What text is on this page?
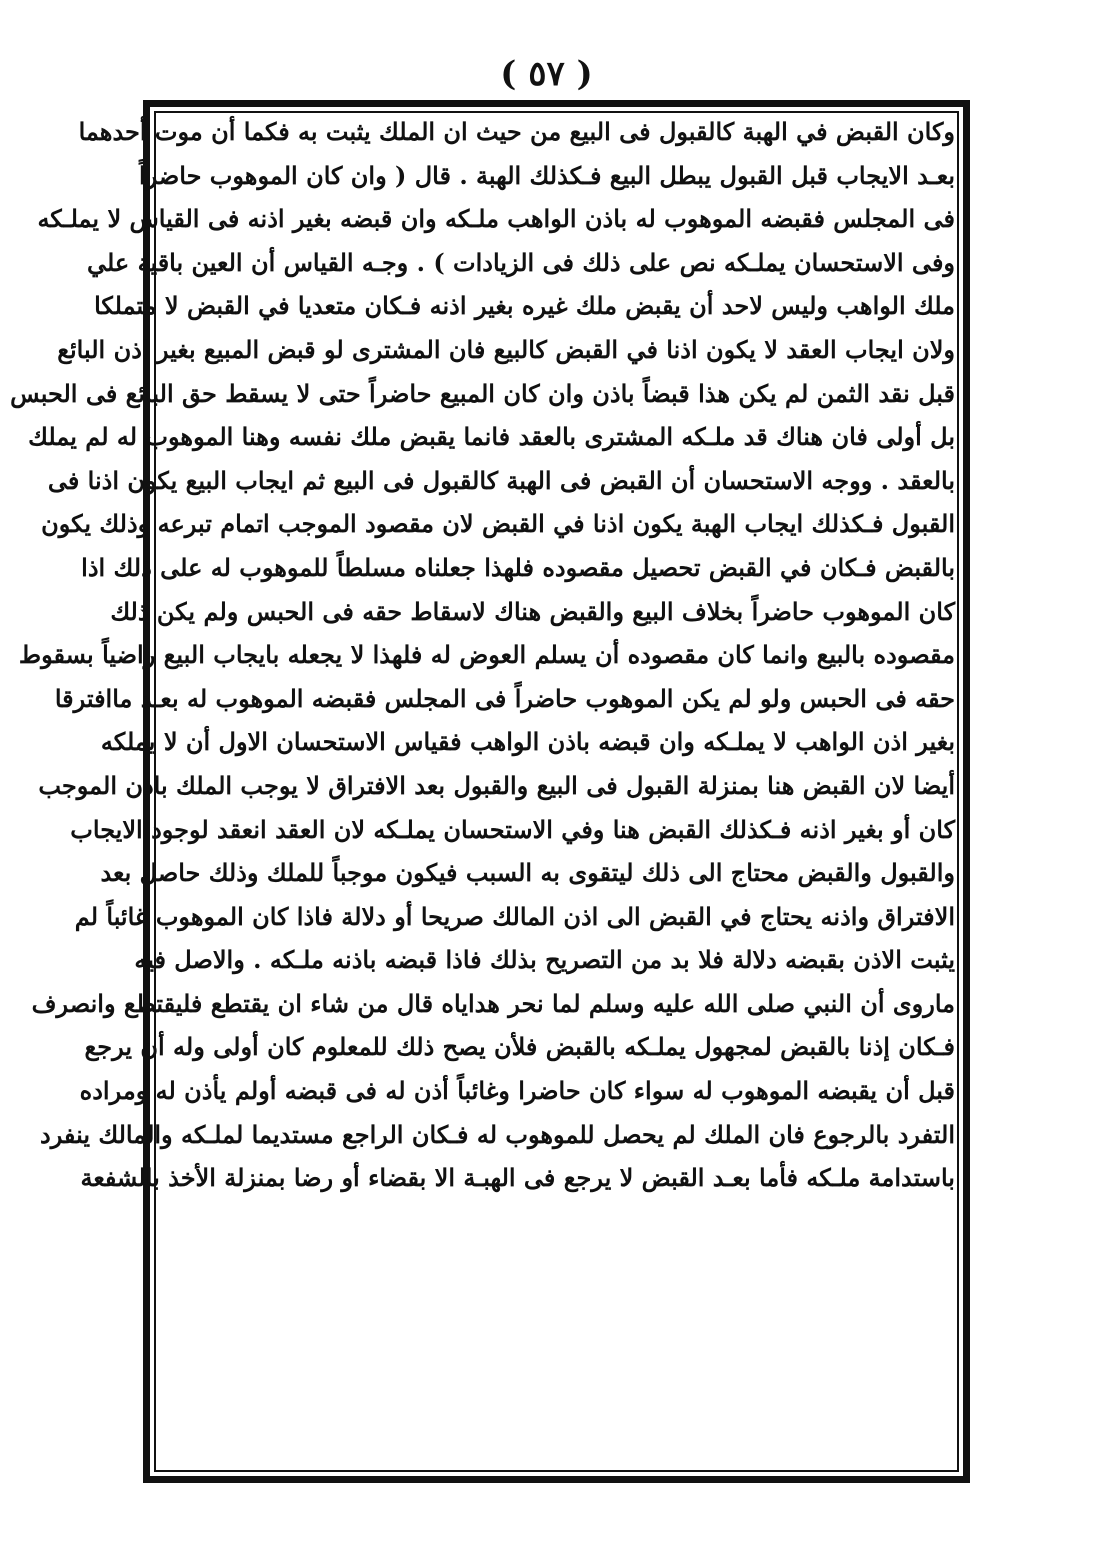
( ٥٧ )
وكان القبض في الهبة كالقبول فى البيع من حيث ان الملك يثبت به فكما أن موت أحدهما
بعـد الايجاب قبل القبول يبطل البيع فـكذلك الهبة . قال ( وان كان الموهوب حاضراً
فى المجلس فقبضه الموهوب له باذن الواهب ملـكه وان قبضه بغير اذنه فى القياس لا يملـكه
وفى الاستحسان يملـكه نص على ذلك فى الزيادات ) . وجـه القياس أن العين باقية علي
ملك الواهب وليس لاحد أن يقبض ملك غيره بغير اذنه فـكان متعديا في القبض لا متملكا
ولان ايجاب العقد لا يكون اذنا في القبض كالبيع فان المشترى لو قبض المبيع بغير اذن البائع
قبل نقد الثمن لم يكن هذا قبضاً باذن وان كان المبيع حاضراً حتى لا يسقط حق البائع فى الحبس
بل أولى فان هناك قد ملـكه المشترى بالعقد فانما يقبض ملك نفسه وهنا الموهوب له لم يملك
بالعقد . ووجه الاستحسان أن القبض فى الهبة كالقبول فى البيع ثم ايجاب البيع يكون اذنا فى
القبول فـكذلك ايجاب الهبة يكون اذنا في القبض لان مقصود الموجب اتمام تبرعه وذلك يكون
بالقبض فـكان في القبض تحصيل مقصوده فلهذا جعلناه مسلطاً للموهوب له على ذلك اذا
كان الموهوب حاضراً بخلاف البيع والقبض هناك لاسقاط حقه فى الحبس ولم يكن ذلك
مقصوده بالبيع وانما كان مقصوده أن يسلم العوض له فلهذا لا يجعله بايجاب البيع راضياً بسقوط
حقه فى الحبس ولو لم يكن الموهوب حاضراً فى المجلس فقبضه الموهوب له بعـد ماافترقا
بغير اذن الواهب لا يملـكه وان قبضه باذن الواهب فقياس الاستحسان الاول أن لا يملكه
أيضا لان القبض هنا بمنزلة القبول فى البيع والقبول بعد الافتراق لا يوجب الملك باذن الموجب
كان أو بغير اذنه فـكذلك القبض هنا وفي الاستحسان يملـكه لان العقد انعقد لوجود الايجاب
والقبول والقبض محتاج الى ذلك ليتقوى به السبب فيكون موجباً للملك وذلك حاصل بعد
الافتراق واذنه يحتاج في القبض الى اذن المالك صريحا أو دلالة فاذا كان الموهوب غائباً لم
يثبت الاذن بقبضه دلالة فلا بد من التصريح بذلك فاذا قبضه باذنه ملـكه . والاصل فيه
ماروى أن النبي صلى الله عليه وسلم لما نحر هداياه قال من شاء ان يقتطع فليقتطع وانصرف
فـكان إذنا بالقبض لمجهول يملـكه بالقبض فلأن يصح ذلك للمعلوم كان أولى وله أن يرجع
قبل أن يقبضه الموهوب له سواء كان حاضرا وغائباً أذن له فى قبضه أولم يأذن له ومراده
التفرد بالرجوع فان الملك لم يحصل للموهوب له فـكان الراجع مستديما لملـكه والمالك ينفرد
باستدامة ملـكه فأما بعـد القبض لا يرجع فى الهبـة الا بقضاء أو رضا بمنزلة الأخذ بالشفعة
